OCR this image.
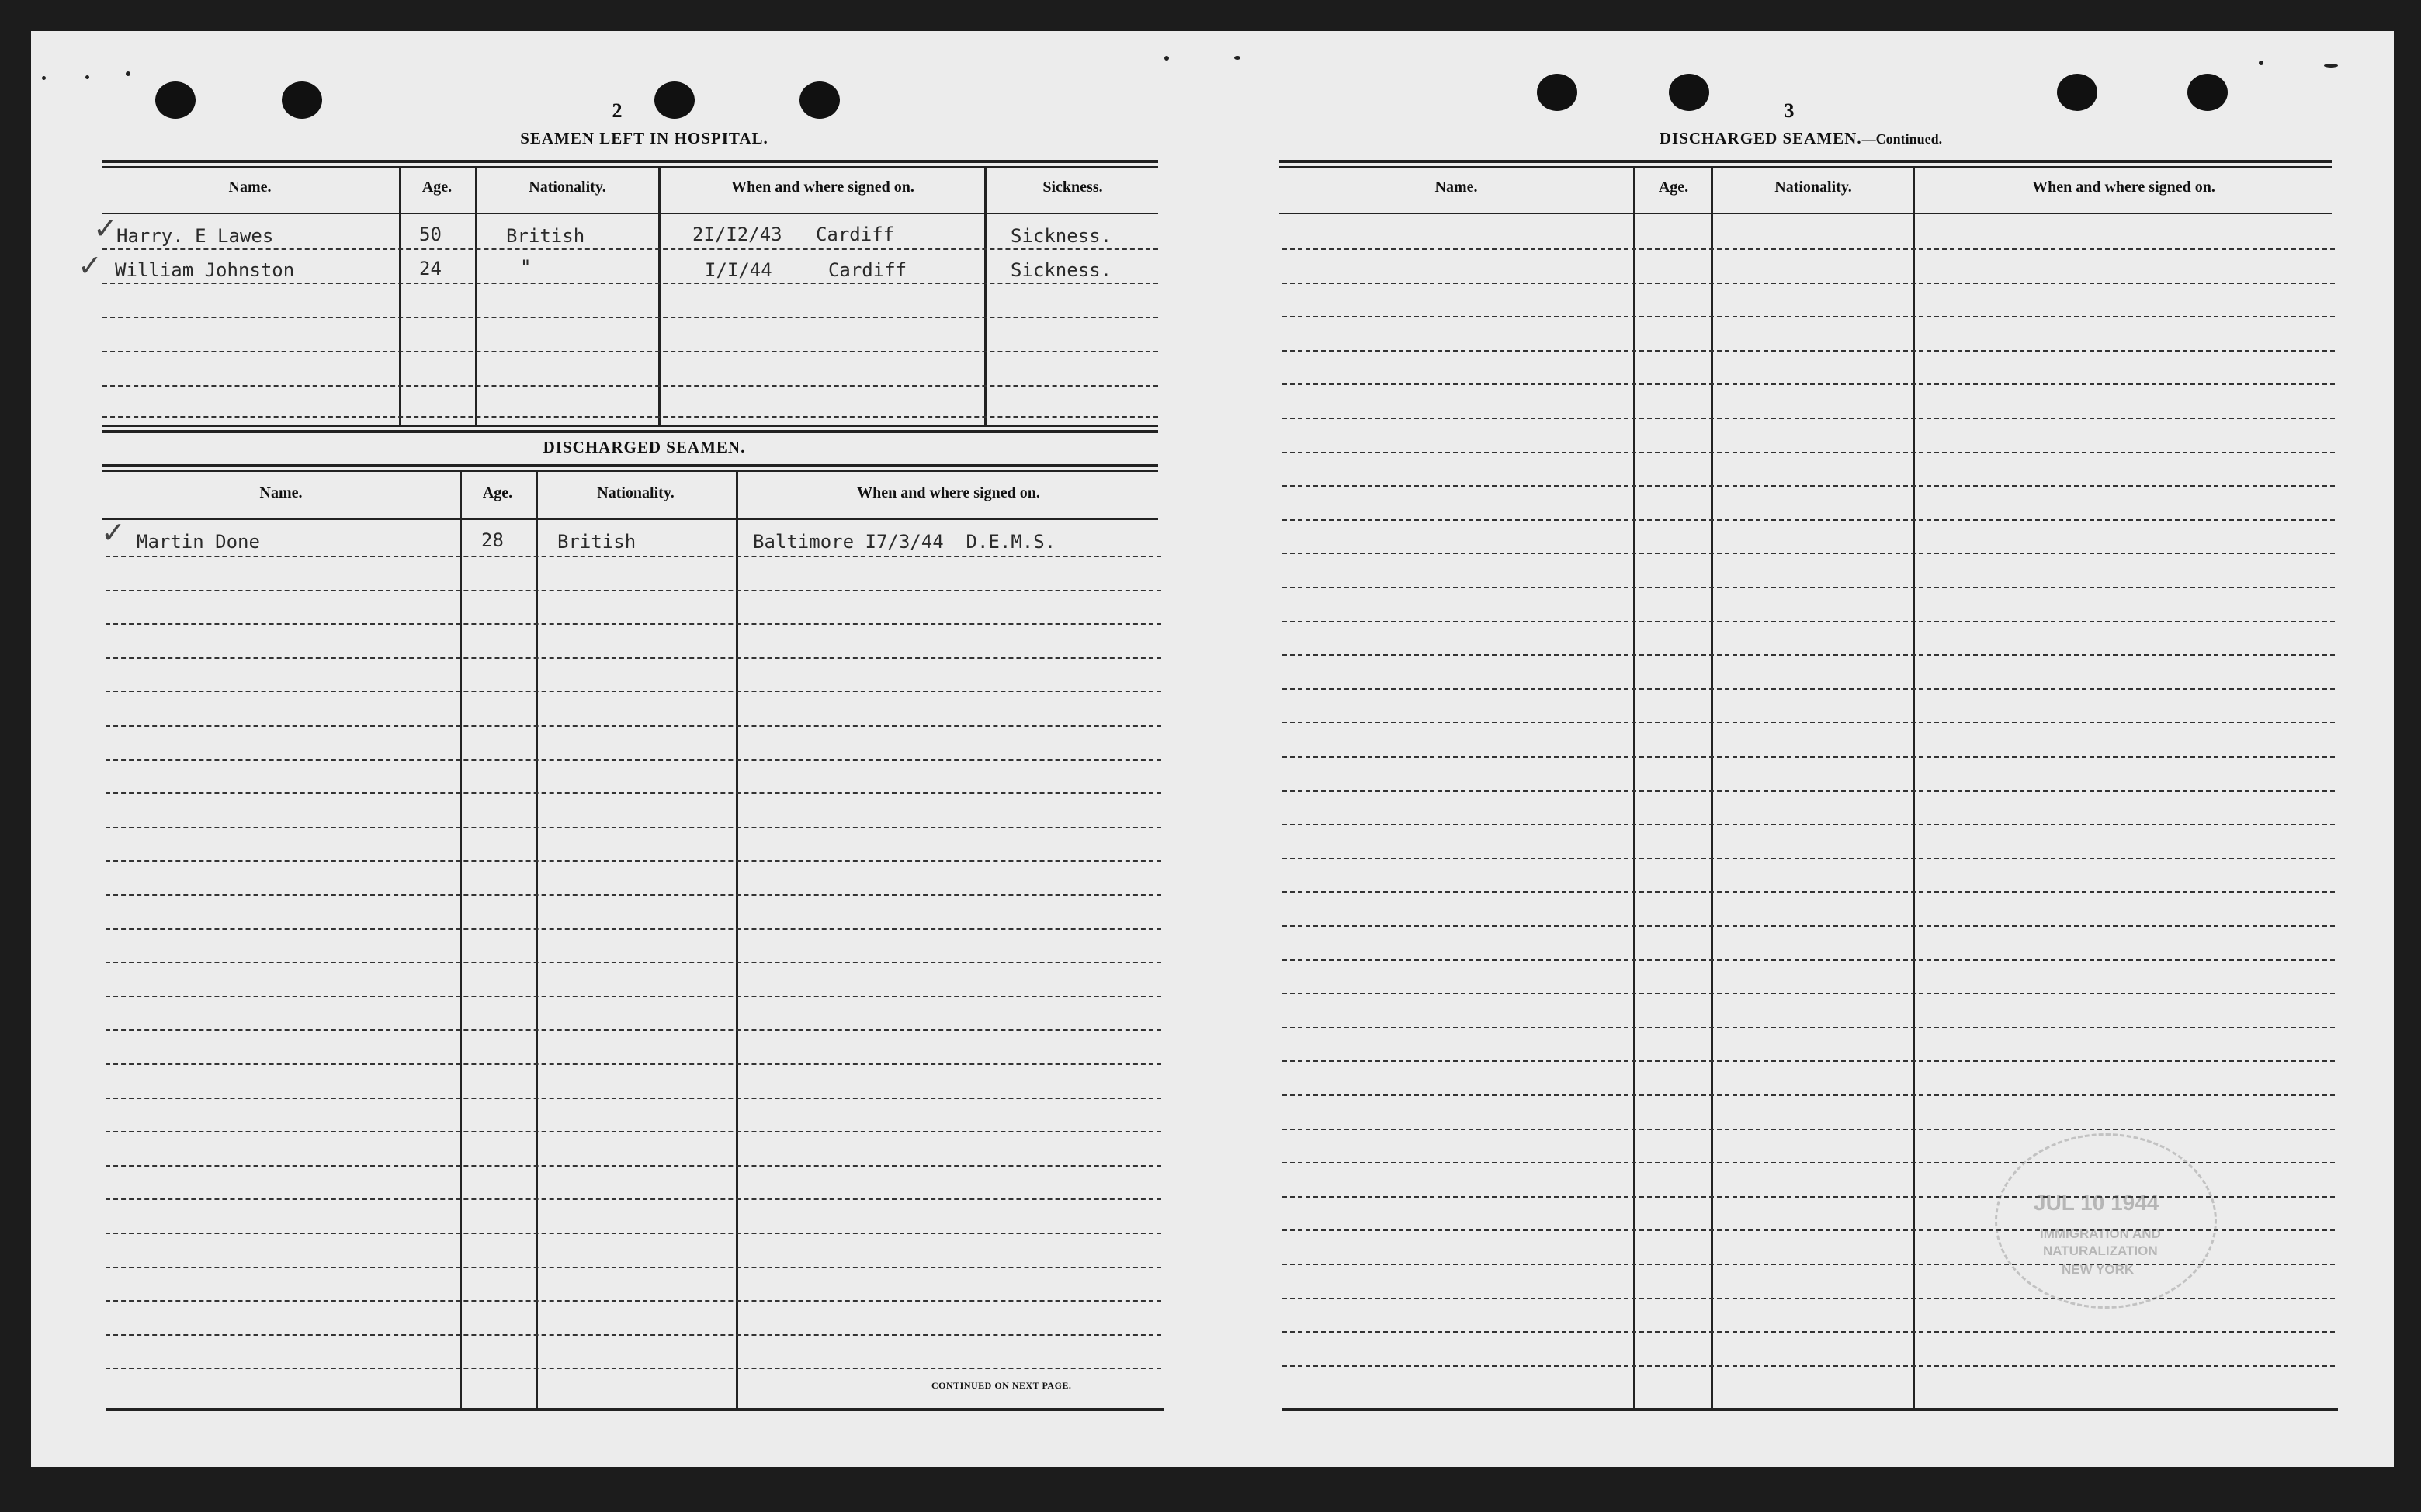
2
SEAMEN LEFT IN HOSPITAL.
Name.	Age.	Nationality.	When and where signed on.	Sickness.
✓
Harry. E Lawes	50	British	2I/I2/43   Cardiff	Sickness.
✓ William Johnston	24	"	I/I/44     Cardiff	Sickness.
DISCHARGED SEAMEN.
Name.	Age.	Nationality.	When and where signed on.
✓ Martin Done	28	British	Baltimore I7/3/44  D.E.M.S.
CONTINUED ON NEXT PAGE.
3
DISCHARGED SEAMEN.—Continued.
Name.	Age.	Nationality.	When and where signed on.
JUL 10 1944
IMMIGRATION AND
NATURALIZATION
NEW YORK
